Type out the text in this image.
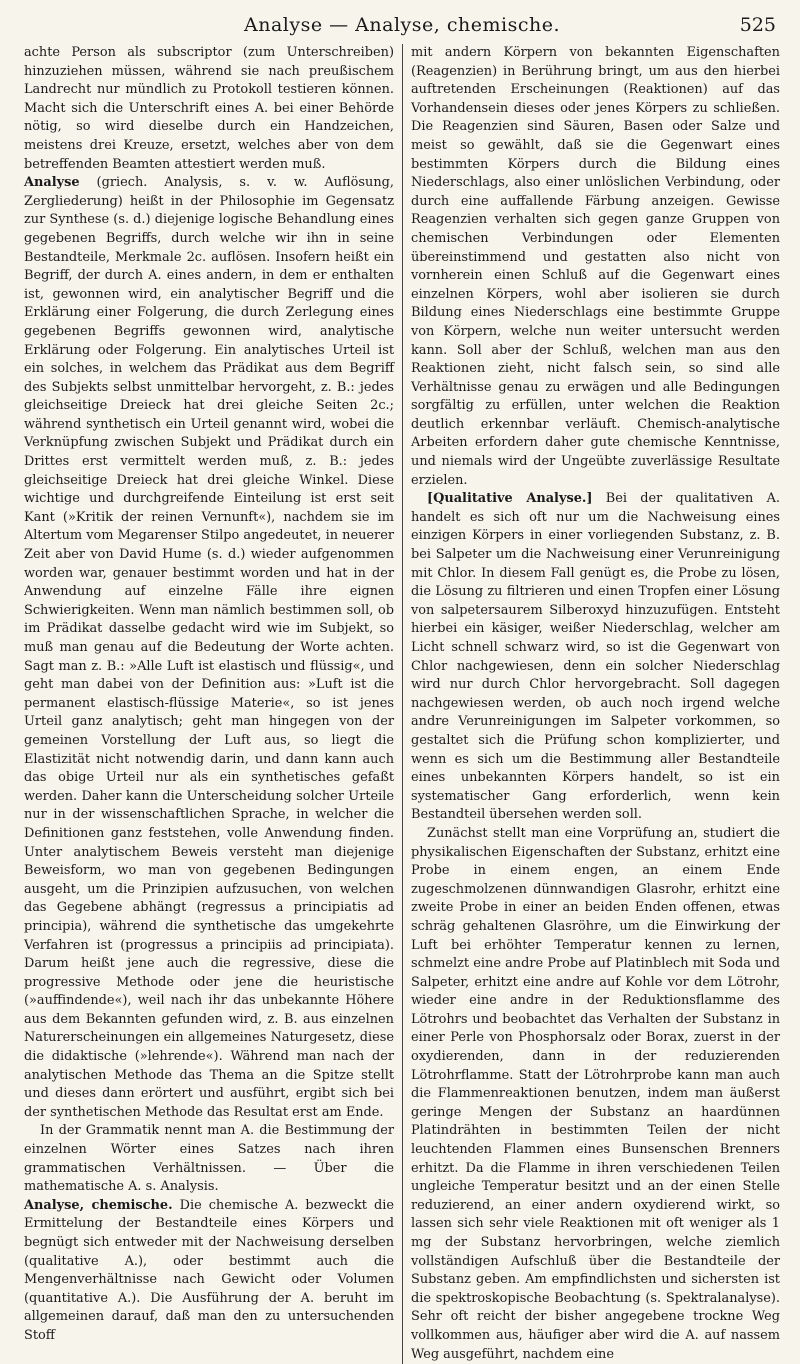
Analyse — Analyse, chemische.	525

achte Person als subscriptor (zum Unterschreiben) hinzuziehen müssen, während sie nach preußischem Landrecht nur mündlich zu Protokoll testieren können. Macht sich die Unterschrift eines A. bei einer Behörde nötig, so wird dieselbe durch ein Handzeichen, meistens drei Kreuze, ersetzt, welches aber von dem betreffenden Beamten attestiert werden muß.

Analyse (griech. Analysis, s. v. w. Auflösung, Zergliederung) heißt in der Philosophie im Gegensatz zur Synthese (s. d.) diejenige logische Behandlung eines gegebenen Begriffs, durch welche wir ihn in seine Bestandteile, Merkmale 2c. auflösen. Insofern heißt ein Begriff, der durch A. eines andern, in dem er enthalten ist, gewonnen wird, ein analytischer Begriff und die Erklärung einer Folgerung, die durch Zerlegung eines gegebenen Begriffs gewonnen wird, analytische Erklärung oder Folgerung. Ein analytisches Urteil ist ein solches, in welchem das Prädikat aus dem Begriff des Subjekts selbst unmittelbar hervorgeht, z. B.: jedes gleichseitige Dreieck hat drei gleiche Seiten 2c.; während synthetisch ein Urteil genannt wird, wobei die Verknüpfung zwischen Subjekt und Prädikat durch ein Drittes erst vermittelt werden muß, z. B.: jedes gleichseitige Dreieck hat drei gleiche Winkel. Diese wichtige und durchgreifende Einteilung ist erst seit Kant (»Kritik der reinen Vernunft«), nachdem sie im Altertum vom Megarenser Stilpo angedeutet, in neuerer Zeit aber von David Hume (s. d.) wieder aufgenommen worden war, genauer bestimmt worden und hat in der Anwendung auf einzelne Fälle ihre eignen Schwierigkeiten. Wenn man nämlich bestimmen soll, ob im Prädikat dasselbe gedacht wird wie im Subjekt, so muß man genau auf die Bedeutung der Worte achten. Sagt man z. B.: »Alle Luft ist elastisch und flüssig«, und geht man dabei von der Definition aus: »Luft ist die permanent elastisch-flüssige Materie«, so ist jenes Urteil ganz analytisch; geht man hingegen von der gemeinen Vorstellung der Luft aus, so liegt die Elastizität nicht notwendig darin, und dann kann auch das obige Urteil nur als ein synthetisches gefaßt werden. Daher kann die Unterscheidung solcher Urteile nur in der wissenschaftlichen Sprache, in welcher die Definitionen ganz feststehen, volle Anwendung finden. Unter analytischem Beweis versteht man diejenige Beweisform, wo man von gegebenen Bedingungen ausgeht, um die Prinzipien aufzusuchen, von welchen das Gegebene abhängt (regressus a principiatis ad principia), während die synthetische das umgekehrte Verfahren ist (progressus a principiis ad principiata). Darum heißt jene auch die regressive, diese die progressive Methode oder jene die heuristische (»auffindende«), weil nach ihr das unbekannte Höhere aus dem Bekannten gefunden wird, z. B. aus einzelnen Naturerscheinungen ein allgemeines Naturgesetz, diese die didaktische (»lehrende«). Während man nach der analytischen Methode das Thema an die Spitze stellt und dieses dann erörtert und ausführt, ergibt sich bei der synthetischen Methode das Resultat erst am Ende.

In der Grammatik nennt man A. die Bestimmung der einzelnen Wörter eines Satzes nach ihren grammatischen Verhältnissen. — Über die mathematische A. s. Analysis.

Analyse, chemische. Die chemische A. bezweckt die Ermittelung der Bestandteile eines Körpers und begnügt sich entweder mit der Nachweisung derselben (qualitative A.), oder bestimmt auch die Mengenverhältnisse nach Gewicht oder Volumen (quantitative A.). Die Ausführung der A. beruht im allgemeinen darauf, daß man den zu untersuchenden Stoff

mit andern Körpern von bekannten Eigenschaften (Reagenzien) in Berührung bringt, um aus den hierbei auftretenden Erscheinungen (Reaktionen) auf das Vorhandensein dieses oder jenes Körpers zu schließen. Die Reagenzien sind Säuren, Basen oder Salze und meist so gewählt, daß sie die Gegenwart eines bestimmten Körpers durch die Bildung eines Niederschlags, also einer unlöslichen Verbindung, oder durch eine auffallende Färbung anzeigen. Gewisse Reagenzien verhalten sich gegen ganze Gruppen von chemischen Verbindungen oder Elementen übereinstimmend und gestatten also nicht von vornherein einen Schluß auf die Gegenwart eines einzelnen Körpers, wohl aber isolieren sie durch Bildung eines Niederschlags eine bestimmte Gruppe von Körpern, welche nun weiter untersucht werden kann. Soll aber der Schluß, welchen man aus den Reaktionen zieht, nicht falsch sein, so sind alle Verhältnisse genau zu erwägen und alle Bedingungen sorgfältig zu erfüllen, unter welchen die Reaktion deutlich erkennbar verläuft. Chemisch-analytische Arbeiten erfordern daher gute chemische Kenntnisse, und niemals wird der Ungeübte zuverlässige Resultate erzielen.

[Qualitative Analyse.] Bei der qualitativen A. handelt es sich oft nur um die Nachweisung eines einzigen Körpers in einer vorliegenden Substanz, z. B. bei Salpeter um die Nachweisung einer Verunreinigung mit Chlor. In diesem Fall genügt es, die Probe zu lösen, die Lösung zu filtrieren und einen Tropfen einer Lösung von salpetersaurem Silberoxyd hinzuzufügen. Entsteht hierbei ein käsiger, weißer Niederschlag, welcher am Licht schnell schwarz wird, so ist die Gegenwart von Chlor nachgewiesen, denn ein solcher Niederschlag wird nur durch Chlor hervorgebracht. Soll dagegen nachgewiesen werden, ob auch noch irgend welche andre Verunreinigungen im Salpeter vorkommen, so gestaltet sich die Prüfung schon komplizierter, und wenn es sich um die Bestimmung aller Bestandteile eines unbekannten Körpers handelt, so ist ein systematischer Gang erforderlich, wenn kein Bestandteil übersehen werden soll.

Zunächst stellt man eine Vorprüfung an, studiert die physikalischen Eigenschaften der Substanz, erhitzt eine Probe in einem engen, an einem Ende zugeschmolzenen dünnwandigen Glasrohr, erhitzt eine zweite Probe in einer an beiden Enden offenen, etwas schräg gehaltenen Glasröhre, um die Einwirkung der Luft bei erhöhter Temperatur kennen zu lernen, schmelzt eine andre Probe auf Platinblech mit Soda und Salpeter, erhitzt eine andre auf Kohle vor dem Lötrohr, wieder eine andre in der Reduktionsflamme des Lötrohrs und beobachtet das Verhalten der Substanz in einer Perle von Phosphorsalz oder Borax, zuerst in der oxydierenden, dann in der reduzierenden Lötrohrflamme. Statt der Lötrohrprobe kann man auch die Flammenreaktionen benutzen, indem man äußerst geringe Mengen der Substanz an haardünnen Platindrähten in bestimmten Teilen der nicht leuchtenden Flammen eines Bunsenschen Brenners erhitzt. Da die Flamme in ihren verschiedenen Teilen ungleiche Temperatur besitzt und an der einen Stelle reduzierend, an einer andern oxydierend wirkt, so lassen sich sehr viele Reaktionen mit oft weniger als 1 mg der Substanz hervorbringen, welche ziemlich vollständigen Aufschluß über die Bestandteile der Substanz geben. Am empfindlichsten und sichersten ist die spektroskopische Beobachtung (s. Spektralanalyse). Sehr oft reicht der bisher angegebene trockne Weg vollkommen aus, häufiger aber wird die A. auf nassem Weg ausgeführt, nachdem eine
